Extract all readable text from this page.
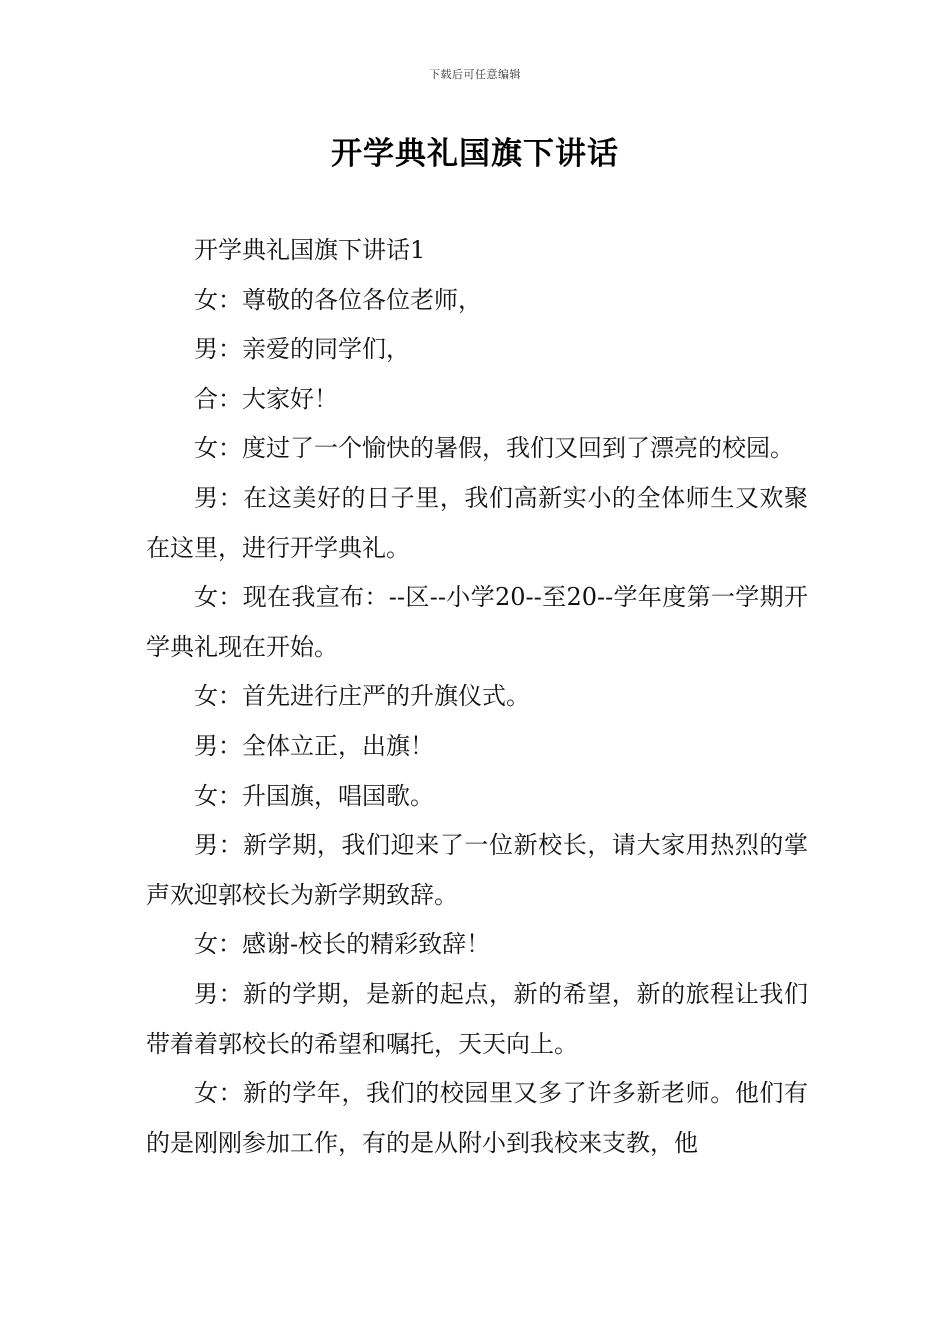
下载后可任意编辑
开学典礼国旗下讲话

开学典礼国旗下讲话1

女：尊敬的各位各位老师，

男：亲爱的同学们，

合：大家好！

女：度过了一个愉快的暑假，我们又回到了漂亮的校园。

男：在这美好的日子里，我们高新实小的全体师生又欢聚在这里，进行开学典礼。

女：现在我宣布：--区--小学20--至20--学年度第一学期开学典礼现在开始。

女：首先进行庄严的升旗仪式。

男：全体立正，出旗！

女：升国旗，唱国歌。

男：新学期，我们迎来了一位新校长，请大家用热烈的掌声欢迎郭校长为新学期致辞。

女：感谢-校长的精彩致辞！

男：新的学期，是新的起点，新的希望，新的旅程让我们带着着郭校长的希望和嘱托，天天向上。

女：新的学年，我们的校园里又多了许多新老师。他们有的是刚刚参加工作，有的是从附小到我校来支教，他
